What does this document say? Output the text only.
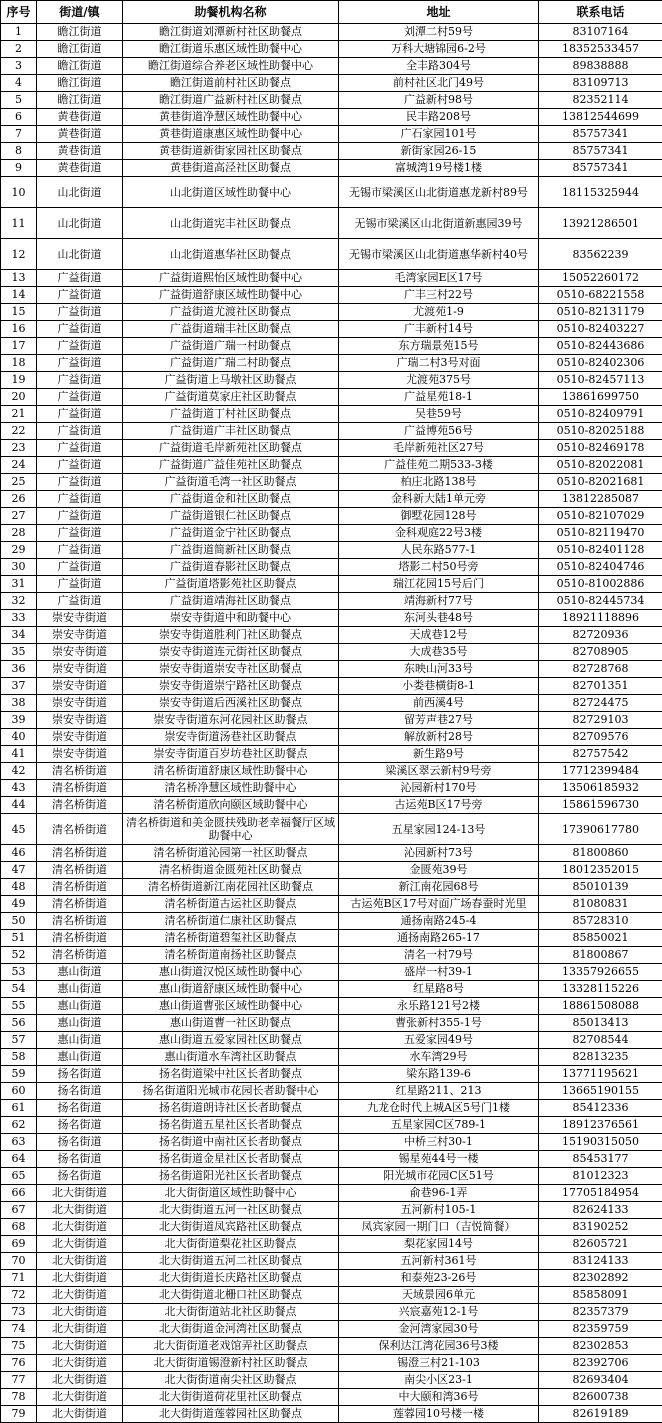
序号	街道/镇	助餐机构名称	地址	联系电话
1	瞻江街道	瞻江街道刘潭新村社区助餐点	刘潭二村59号	83107164
2	瞻江街道	瞻江街道乐惠区域性助餐中心	万科大塘锦园6-2号	18352533457
3	瞻江街道	瞻江街道综合养老区域性助餐中心	全丰路304号	89838888
4	瞻江街道	瞻江街道前村社区助餐点	前村社区北门49号	83109713
5	瞻江街道	瞻江街道广益新村社区助餐点	广益新村98号	82352114
6	黄巷街道	黄巷街道净慧区域性助餐中心	民丰路208号	13812544699
7	黄巷街道	黄巷街道康惠区域性助餐中心	广石家园101号	85757341
8	黄巷街道	黄巷街道新街家园社区助餐点	新街家园26-15	85757341
9	黄巷街道	黄巷街道高泾社区助餐点	富城湾19号楼1楼	85757341
10	山北街道	山北街道区域性助餐中心	无锡市梁溪区山北街道惠龙新村89号	18115325944
11	山北街道	山北街道宪丰社区助餐点	无锡市梁溪区山北街道新惠园39号	13921286501
12	山北街道	山北街道惠华社区助餐点	无锡市梁溪区山北街道惠华新村40号	83562239
13	广益街道	广益街道熙怡区域性助餐中心	毛湾家园E区17号	15052260172
14	广益街道	广益街道舒康区域性助餐中心	广丰三村22号	0510-68221558
15	广益街道	广益街道尤渡社区助餐点	尤渡苑1-9	0510-82131179
16	广益街道	广益街道瑞丰社区助餐点	广丰新村14号	0510-82403227
17	广益街道	广益街道广瑞一村助餐点	东方瑞景苑15号	0510-82443686
18	广益街道	广益街道广瑞二村助餐点	广瑞二村3号对面	0510-82402306
19	广益街道	广益街道上马墩社区助餐点	尤渡苑375号	0510-82457113
20	广益街道	广益街道莫家庄社区助餐点	广益星苑18-1	13861699750
21	广益街道	广益街道丁村社区助餐点	吴巷59号	0510-82409791
22	广益街道	广益街道广丰社区助餐点	广益博苑56号	0510-82025188
23	广益街道	广益街道毛岸新苑社区助餐点	毛岸新苑社区27号	0510-82469178
24	广益街道	广益街道广益佳苑社区助餐点	广益佳苑二期533-3楼	0510-82022081
25	广益街道	广益街道毛湾一社区助餐点	柏庄北路138号	0510-82021681
26	广益街道	广益街道金和社区助餐点	金科新大陆1单元旁	13812285087
27	广益街道	广益街道银仁社区助餐点	御墅花园128号	0510-82107029
28	广益街道	广益街道金宁社区助餐点	金科观庭22号3楼	0510-82119470
29	广益街道	广益街道简新社区助餐点	人民东路577-1	0510-82401128
30	广益街道	广益街道春影社区助餐点	塔影二村50号旁	0510-82404746
31	广益街道	广益街道塔影苑社区助餐点	瑞江花园15号后门	0510-81002886
32	广益街道	广益街道靖海社区助餐点	靖海新村77号	0510-82445734
33	崇安寺街道	崇安寺街道中和助餐中心	东河头巷48号	18921118896
34	崇安寺街道	崇安寺街道胜利门社区助餐点	天成巷12号	82720936
35	崇安寺街道	崇安寺街道连元街社区助餐点	大成巷35号	82708905
36	崇安寺街道	崇安寺街道崇安寺社区助餐点	东映山河33号	82728768
37	崇安寺街道	崇安寺街道崇宁路社区助餐点	小娄巷横街8-1	82701351
38	崇安寺街道	崇安寺街道后西溪社区助餐点	前西溪4号	82724475
39	崇安寺街道	崇安寺街道东河花园社区助餐点	留芳声巷27号	82729103
40	崇安寺街道	崇安寺街道汤巷社区助餐点	解放新村28号	82709576
41	崇安寺街道	崇安寺街道百岁坊巷社区助餐点	新生路9号	82757542
42	清名桥街道	清名桥街道舒康区域性助餐中心	梁溪区翠云新村9号旁	17712399484
43	清名桥街道	清名桥净慧区域性助餐中心	沁园新村170号	13506185932
44	清名桥街道	清名桥街道欣向颐区域助餐中心	古运苑B区17号旁	15861596730
45	清名桥街道	清名桥街道和美金匮扶残助老幸福餐厅区域助餐中心	五星家园124-13号	17390617780
46	清名桥街道	清名桥街道沁园第一社区助餐点	沁园新村73号	81800860
47	清名桥街道	清名桥街道金匮苑社区助餐点	金匮苑39号	18012352015
48	清名桥街道	清名桥街道新江南花园社区助餐点	新江南花园68号	85010139
49	清名桥街道	清名桥街道古运社区助餐点	古运苑B区17号对面广场春蚕时光里	81080831
50	清名桥街道	清名桥街道仁康社区助餐点	通扬南路245-4	85728310
51	清名桥街道	清名桥街道碧玺社区助餐点	通扬南路265-17	85850021
52	清名桥街道	清名桥街道南扬社区助餐点	清名一村79号	81800867
53	惠山街道	惠山街道汉悦区域性助餐中心	盛岸一村39-1	13357926655
54	惠山街道	惠山街道舒康区域性助餐中心	红星路8号	13328115226
55	惠山街道	惠山街道曹张区域性助餐中心	永乐路121号2楼	18861508088
56	惠山街道	惠山街道曹一社区助餐点	曹张新村355-1号	85013413
57	惠山街道	惠山街道五爱家园社区助餐点	五爱家园49号	82708544
58	惠山街道	惠山街道水车湾社区助餐点	水车湾29号	82813235
59	扬名街道	扬名街道梁中社区长者助餐点	梁东路139-6	13771195621
60	扬名街道	扬名街道阳光城市花园长者助餐中心	红星路211、213	13665190155
61	扬名街道	扬名街道朗诗社区长者助餐点	九龙仓时代上城A区5号门1楼	85412336
62	扬名街道	扬名街道五星社区长者助餐点	五星家园C区789-1	18912376561
63	扬名街道	扬名街道中南社区长者助餐点	中桥三村30-1	15190315050
64	扬名街道	扬名街道金星社区长者助餐点	锡星苑44号一楼	85453177
65	扬名街道	扬名街道阳光社区长者助餐点	阳光城市花园C区51号	81012323
66	北大街街道	北大街街道区域性助餐中心	俞巷96-1弄	17705184954
67	北大街街道	北大街街道五河一社区助餐点	五河新村105-1	82624133
68	北大街街道	北大街街道凤宾路社区助餐点	凤宾家园一期门口（吉悦简餐）	83190252
69	北大街街道	北大街街道梨花社区助餐点	梨花家园14号	82605721
70	北大街街道	北大街街道五河二社区助餐点	五河新村361号	83124133
71	北大街街道	北大街街道长庆路社区助餐点	和泰苑23-26号	82302892
72	北大街街道	北大街街道北栅口社区助餐点	天域景园6单元	85858091
73	北大街街道	北大街街道站北社区助餐点	兴宸嘉苑12-1号	82357379
74	北大街街道	北大街街道金河湾社区助餐点	金河湾家园30号	82359759
75	北大街街道	北大街街道老戏馆弄社区助餐点	保利达江湾花园36号3楼	82302853
76	北大街街道	北大街街道锡澄新村社区助餐点	锡澄三村21-103	82392706
77	北大街街道	北大街街道南尖社区助餐点	南尖小区23-1	82693404
78	北大街街道	北大街街道荷花里社区助餐点	中大颐和湾36号	82600738
79	北大街街道	北大街街道莲蓉园社区助餐点	莲蓉园10号楼一楼	82619189
